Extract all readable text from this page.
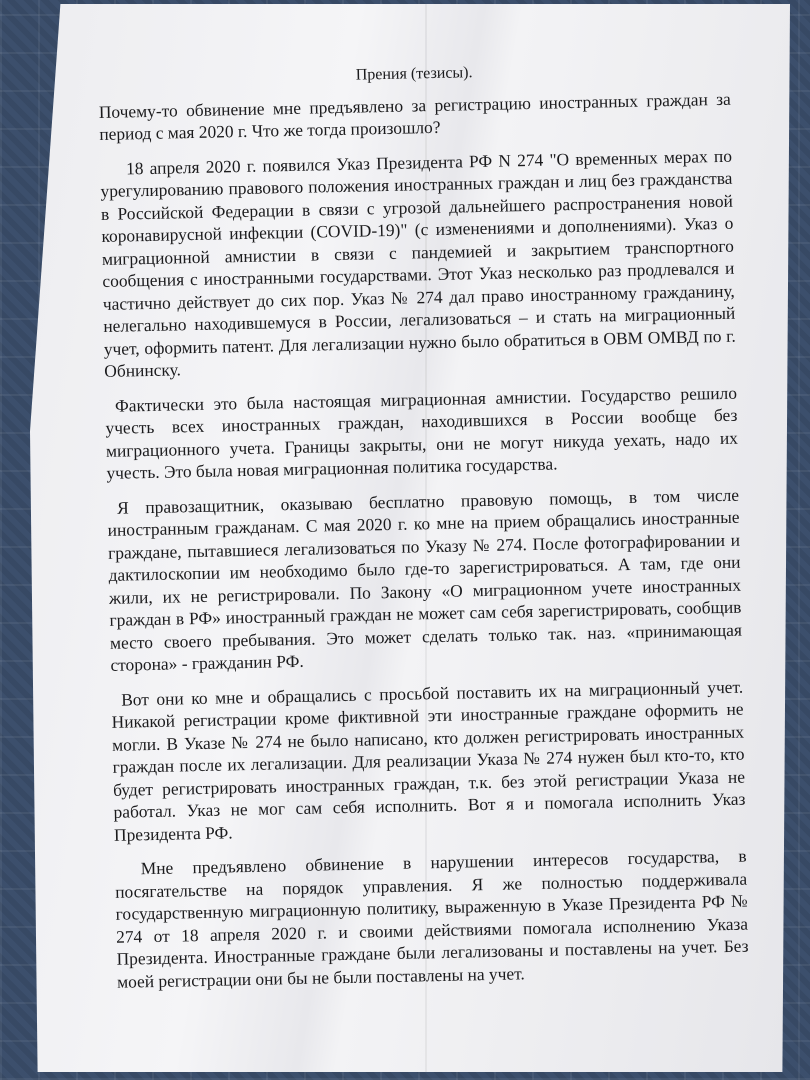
Прения (тезисы).

Почему-то обвинение мне предъявлено за регистрацию иностранных граждан за период с мая 2020 г. Что же тогда произошло?

18 апреля 2020 г. появился Указ Президента РФ N 274 "О временных мерах по урегулированию правового положения иностранных граждан и лиц без гражданства в Российской Федерации в связи с угрозой дальнейшего распространения новой коронавирусной инфекции (COVID-19)" (с изменениями и дополнениями). Указ о миграционной амнистии в связи с пандемией и закрытием транспортного сообщения с иностранными государствами. Этот Указ несколько раз продлевался и частично действует до сих пор. Указ № 274 дал право иностранному гражданину, нелегально находившемуся в России, легализоваться – и стать на миграционный учет, оформить патент. Для легализации нужно было обратиться в ОВМ ОМВД по г. Обнинску.

Фактически это была настоящая миграционная амнистии. Государство решило учесть всех иностранных граждан, находившихся в России вообще без миграционного учета. Границы закрыты, они не могут никуда уехать, надо их учесть. Это была новая миграционная политика государства.

Я правозащитник, оказываю бесплатно правовую помощь, в том числе иностранным гражданам. С мая 2020 г. ко мне на прием обращались иностранные граждане, пытавшиеся легализоваться по Указу № 274. После фотографировании и дактилоскопии им необходимо было где-то зарегистрироваться. А там, где они жили, их не регистрировали. По Закону «О миграционном учете иностранных граждан в РФ» иностранный граждан не может сам себя зарегистрировать, сообщив место своего пребывания. Это может сделать только так. наз. «принимающая сторона» - гражданин РФ.

Вот они ко мне и обращались с просьбой поставить их на миграционный учет. Никакой регистрации кроме фиктивной эти иностранные граждане оформить не могли. В Указе № 274 не было написано, кто должен регистрировать иностранных граждан после их легализации. Для реализации Указа № 274 нужен был кто-то, кто будет регистрировать иностранных граждан, т.к. без этой регистрации Указа не работал. Указ не мог сам себя исполнить. Вот я и помогала исполнить Указ Президента РФ.

Мне предъявлено обвинение в нарушении интересов государства, в посягательстве на порядок управления. Я же полностью поддерживала государственную миграционную политику, выраженную в Указе Президента РФ № 274 от 18 апреля 2020 г. и своими действиями помогала исполнению Указа Президента. Иностранные граждане были легализованы и поставлены на учет. Без моей регистрации они бы не были поставлены на учет.
